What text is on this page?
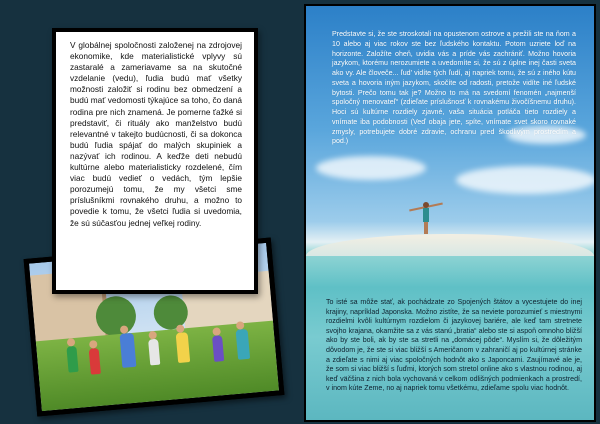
V globálnej spoločnosti založenej na zdrojovej ekonomike, kde materialistické vplyvy sú zastaralé a zameriavame sa na skutočné vzdelanie (vedu), ľudia budú mať všetky možnosti založiť si rodinu bez obmedzení a budú mať vedomosti týkajúce sa toho, čo daná rodina pre nich znamená. Je pomerne ťažké si predstaviť, či rituály ako manželstvo budú relevantné v takejto budúcnosti, či sa dokonca budú ľudia spájať do malých skupiniek a nazývať ich rodinou. A keďže deti nebudú kultúrne alebo materialisticky rozdelené, čím viac budú vedieť o vedách, tým lepšie porozumejú tomu, že my všetci sme príslušníkmi rovnakého druhu, a možno to povedie k tomu, že všetci ľudia si uvedomia, že sú súčasťou jednej veľkej rodiny.
Predstavte si, že ste stroskotali na opustenom ostrove a prežili ste na ňom a 10 alebo aj viac rokov ste bez ľudského kontaktu. Potom uzriete loď na horizonte. Založíte oheň, uvidia vás a príde vás zachrániť. Možno hovoria jazykom, ktorému nerozumiete a uvedomíte si, že sú z úplne inej časti sveta ako vy. Ale človeče... ľud' vidíte tých ľudí, aj napriek tomu, že sú z iného kútu sveta a hovoria iným jazykom, skočíte od radosti, pretože vidíte iné ľudské bytosti. Prečo tomu tak je? Možno to má na svedomí fenomén „najmenší spoločný menovateľ“ (zdieľate príslušnosť k rovnakému živočíšnemu druhu). Hoci sú kultúrne rozdiely zjavné, vaša situácia potláča tieto rozdiely a vnímate iba podobnosti (Veď obaja jete, spíte, vnímate svet skoro rovnaké zmysly, potrebujete dobré zdravie, ochranu pred škodlivým prostredím a pod.)
To isté sa môže stať, ak pochádzate zo Spojených štátov a vycestujete do inej krajiny, napríklad Japonska. Možno zistíte, že sa neviete porozumieť s miestnymi rozdielmi kvôli kultúrnym rozdielom či jazykovej bariére, ale keď tam stretnete svojho krajana, okamžite sa z vás stanú „bratia“ alebo ste si aspoň omnoho bližší ako by ste boli, ak by ste sa stretli na „domácej pôde“. Myslím si, že dôležitým dôvodom je, že ste si viac bližší s Američanom v zahraničí aj po kultúrnej stránke a zdieľate s nimi aj viac spoločných hodnôt ako s Japoncami. Zaujímavé ale je, že som si viac bližší s ľuďmi, ktorých som stretol online ako s vlastnou rodinou, aj keď väčšina z nich bola vychovaná v celkom odlišných podmienkach a prostredí, v inom kúte Zeme, no aj napriek tomu všetkému, zdieľame spolu viac hodnôt.
